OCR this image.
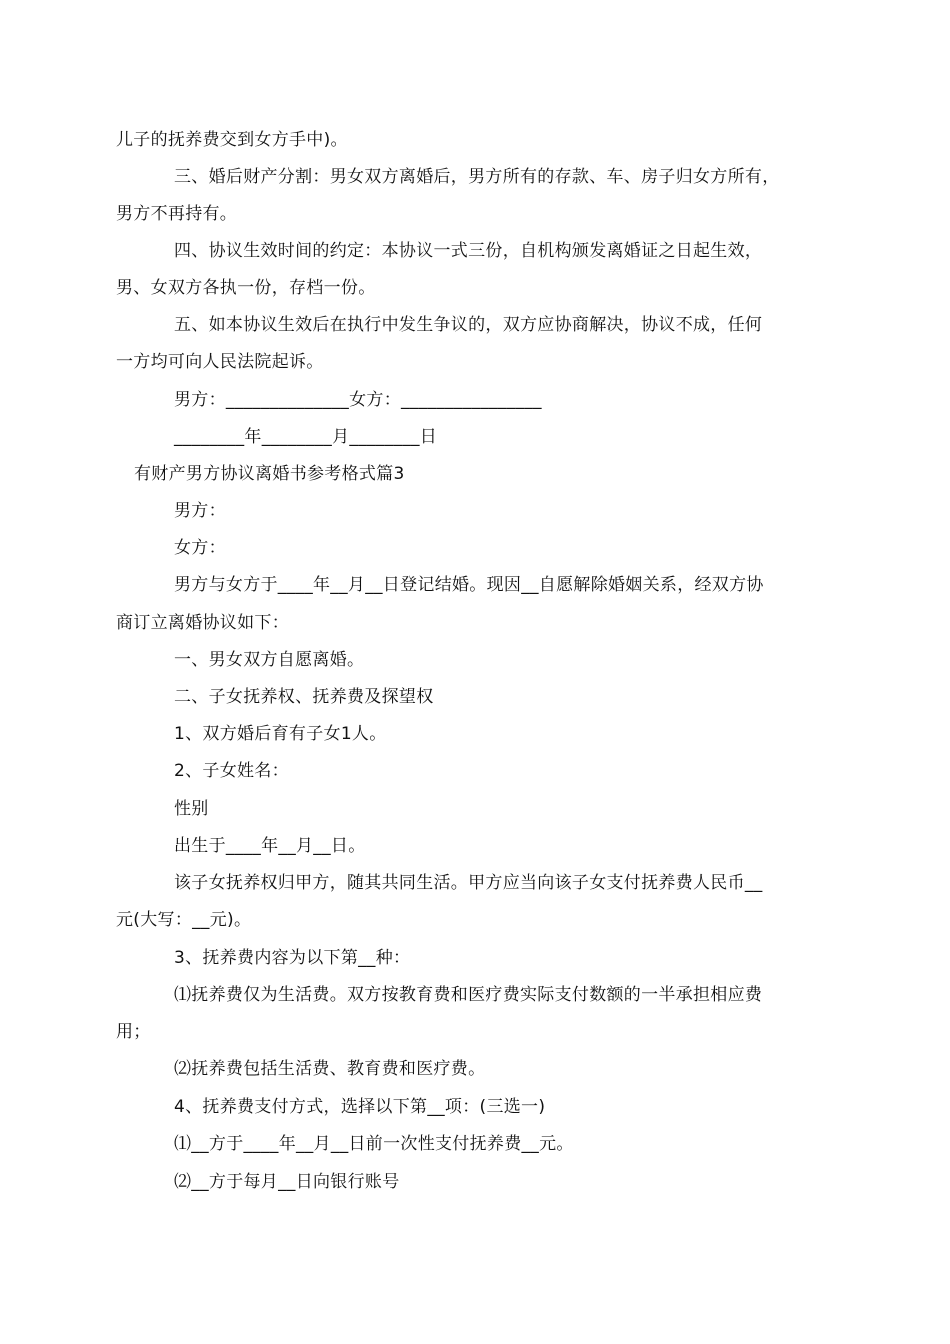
儿子的抚养费交到女方手中)。
三、婚后财产分割：男女双方离婚后，男方所有的存款、车、房子归女方所有，
男方不再持有。
四、协议生效时间的约定：本协议一式三份，自机构颁发离婚证之日起生效，
男、女双方各执一份，存档一份。
五、如本协议生效后在执行中发生争议的，双方应协商解决，协议不成，任何
一方均可向人民法院起诉。
男方：______________女方：________________
________年________月________日
有财产男方协议离婚书参考格式篇3
男方：
女方：
男方与女方于____年__月__日登记结婚。现因__自愿解除婚姻关系，经双方协
商订立离婚协议如下：
一、男女双方自愿离婚。
二、子女抚养权、抚养费及探望权
1、双方婚后育有子女1人。
2、子女姓名：
性别
出生于____年__月__日。
该子女抚养权归甲方，随其共同生活。甲方应当向该子女支付抚养费人民币__
元(大写：__元)。
3、抚养费内容为以下第__种：
⑴抚养费仅为生活费。双方按教育费和医疗费实际支付数额的一半承担相应费
用；
⑵抚养费包括生活费、教育费和医疗费。
4、抚养费支付方式，选择以下第__项：(三选一)
⑴__方于____年__月__日前一次性支付抚养费__元。
⑵__方于每月__日向银行账号
